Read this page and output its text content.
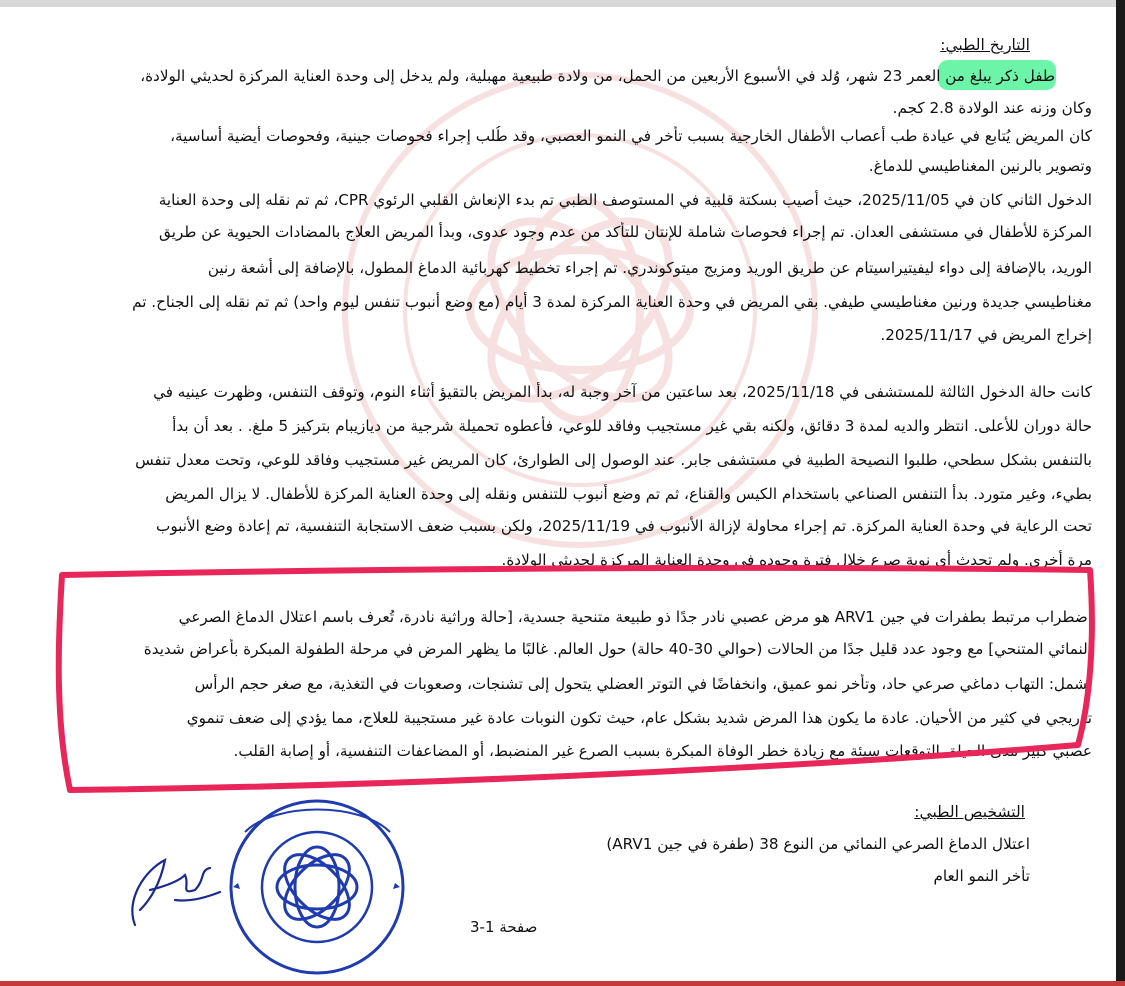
التاريخ الطبي:
طفل ذكر يبلغ من العمر 23 شهر، وُلد في الأسبوع الأربعين من الحمل، من ولادة طبيعية مهبلية، ولم يدخل إلى وحدة العناية المركزة لحديثي الولادة،
وكان وزنه عند الولادة 2.8 كجم.
كان المريض يُتابع في عيادة طب أعصاب الأطفال الخارجية بسبب تأخر في النمو العصبي، وقد طُلب إجراء فحوصات جينية، وفحوصات أيضية أساسية،
وتصوير بالرنين المغناطيسي للدماغ.
الدخول الثاني كان في 2025/11/05، حيث أصيب بسكتة قلبية في المستوصف الطبي تم بدء الإنعاش القلبي الرئوي CPR، ثم تم نقله إلى وحدة العناية
المركزة للأطفال في مستشفى العدان. تم إجراء فحوصات شاملة للإنتان للتأكد من عدم وجود عدوى، وبدأ المريض العلاج بالمضادات الحيوية عن طريق
الوريد، بالإضافة إلى دواء ليفيتيراسيتام عن طريق الوريد ومزيج ميتوكوندري. تم إجراء تخطيط كهربائية الدماغ المطول، بالإضافة إلى أشعة رنين
مغناطيسي جديدة ورنين مغناطيسي طيفي. بقي المريض في وحدة العناية المركزة لمدة 3 أيام (مع وضع أنبوب تنفس ليوم واحد) ثم تم نقله إلى الجناح. تم
إخراج المريض في 2025/11/17.
كانت حالة الدخول الثالثة للمستشفى في 2025/11/18، بعد ساعتين من آخر وجبة له، بدأ المريض بالتقيؤ أثناء النوم، وتوقف التنفس، وظهرت عينيه في
حالة دوران للأعلى. انتظر والديه لمدة 3 دقائق، ولكنه بقي غير مستجيب وفاقد للوعي، فأعطوه تحميلة شرجية من ديازيبام بتركيز 5 ملغ. . بعد أن بدأ
بالتنفس بشكل سطحي، طلبوا النصيحة الطبية في مستشفى جابر. عند الوصول إلى الطوارئ، كان المريض غير مستجيب وفاقد للوعي، وتحت معدل تنفس
بطيء، وغير متورد. بدأ التنفس الصناعي باستخدام الكيس والقناع، ثم تم وضع أنبوب للتنفس ونقله إلى وحدة العناية المركزة للأطفال. لا يزال المريض
تحت الرعاية في وحدة العناية المركزة. تم إجراء محاولة لإزالة الأنبوب في 2025/11/19، ولكن بسبب ضعف الاستجابة التنفسية، تم إعادة وضع الأنبوب
مرة أخرى. ولم تحدث أي نوبة صرع خلال فترة وجوده في وحدة العناية المركزة لحديثي الولادة.
اضطراب مرتبط بطفرات في جين ARV1 هو مرض عصبي نادر جدًا ذو طبيعة متنحية جسدية، [حالة وراثية نادرة، تُعرف باسم اعتلال الدماغ الصرعي
النمائي المتنحي] مع وجود عدد قليل جدًا من الحالات (حوالي 30-40 حالة) حول العالم. غالبًا ما يظهر المرض في مرحلة الطفولة المبكرة بأعراض شديدة
تشمل: التهاب دماغي صرعي حاد، وتأخر نمو عميق، وانخفاضًا في التوتر العضلي يتحول إلى تشنجات، وصعوبات في التغذية، مع صغر حجم الرأس
تدريجي في كثير من الأحيان. عادة ما يكون هذا المرض شديد بشكل عام، حيث تكون النوبات عادة غير مستجيبة للعلاج، مما يؤدي إلى ضعف تنموي
عصبي كبير مدى الحياة. التوقعات سيئة مع زيادة خطر الوفاة المبكرة بسبب الصرع غير المنضبط، أو المضاعفات التنفسية، أو إصابة القلب.
التشخيص الطبي:
اعتلال الدماغ الصرعي النمائي من النوع 38 (طفرة في جين ARV1)
تأخر النمو العام
صفحة 1-3
